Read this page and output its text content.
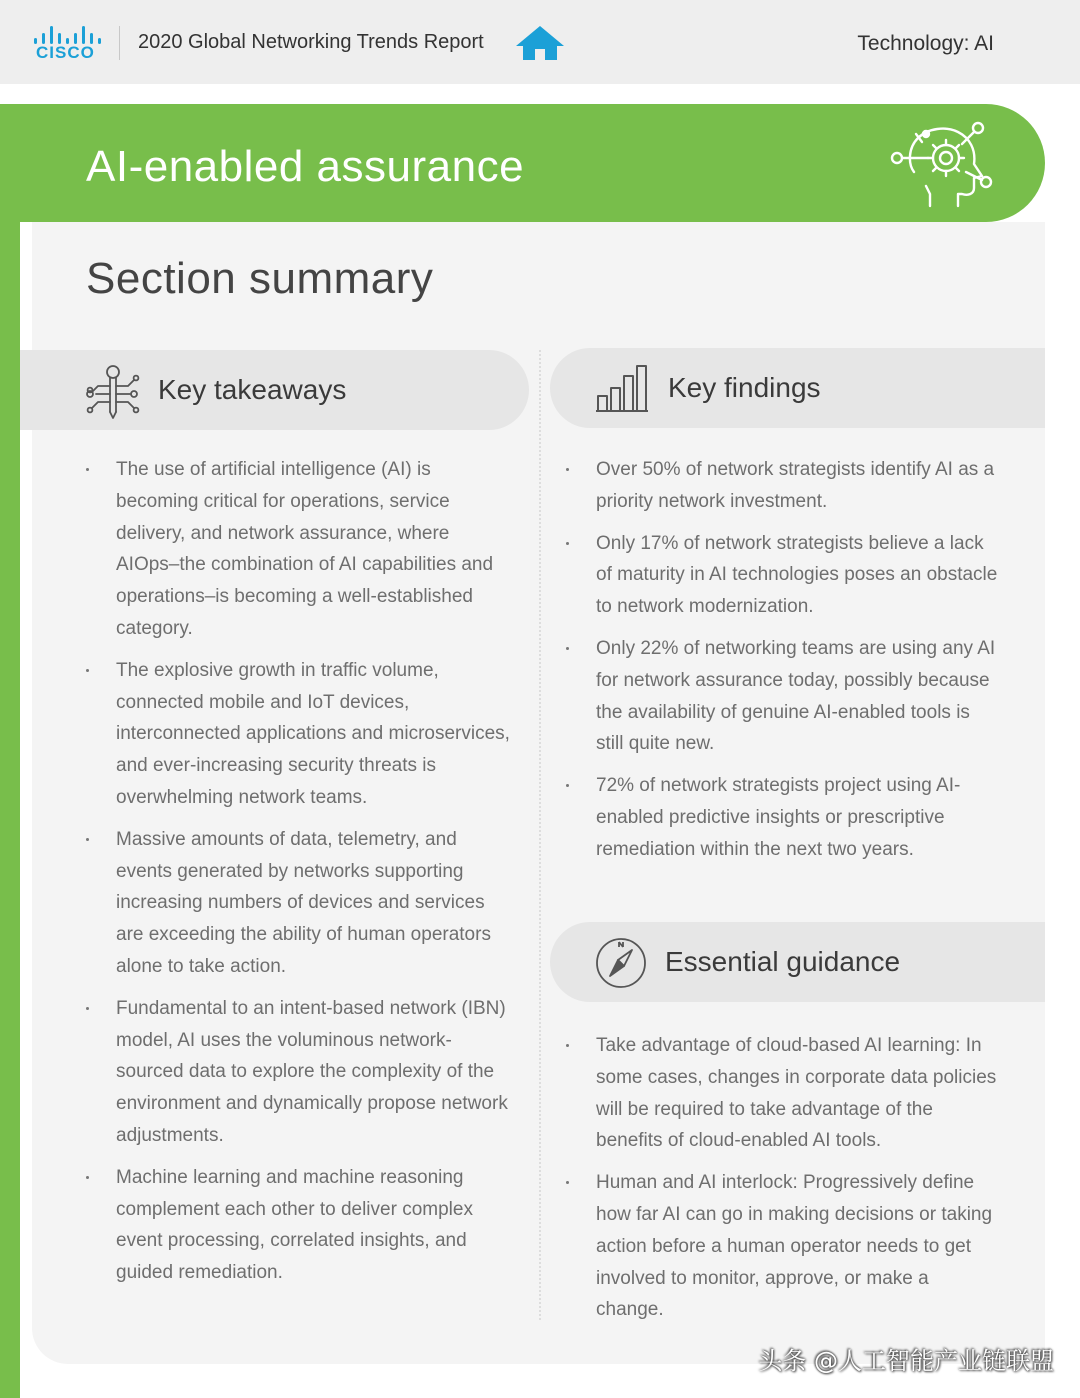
CISCO 2020 Global Networking Trends Report	Technology: AI
AI-enabled assurance
Section summary
Key takeaways	Key findings
Essential guidance
The use of artificial intelligence (AI) is becoming critical for operations, service delivery, and network assurance, where AIOps–the combination of AI capabilities and operations–is becoming a well-established category.
The explosive growth in traffic volume, connected mobile and IoT devices, interconnected applications and microservices, and ever-increasing security threats is overwhelming network teams.
Massive amounts of data, telemetry, and events generated by networks supporting increasing numbers of devices and services are exceeding the ability of human operators alone to take action.
Fundamental to an intent-based network (IBN) model, AI uses the voluminous network-sourced data to explore the complexity of the environment and dynamically propose network adjustments.
Machine learning and machine reasoning complement each other to deliver complex event processing, correlated insights, and guided remediation.
Over 50% of network strategists identify AI as a priority network investment.
Only 17% of network strategists believe a lack of maturity in AI technologies poses an obstacle to network modernization.
Only 22% of networking teams are using any AI for network assurance today, possibly because the availability of genuine AI-enabled tools is still quite new.
72% of network strategists project using AI-enabled predictive insights or prescriptive remediation within the next two years.
Take advantage of cloud-based AI learning: In some cases, changes in corporate data policies will be required to take advantage of the benefits of cloud-enabled AI tools.
Human and AI interlock: Progressively define how far AI can go in making decisions or taking action before a human operator needs to get involved to monitor, approve, or make a change.
头条 @人工智能产业链联盟
